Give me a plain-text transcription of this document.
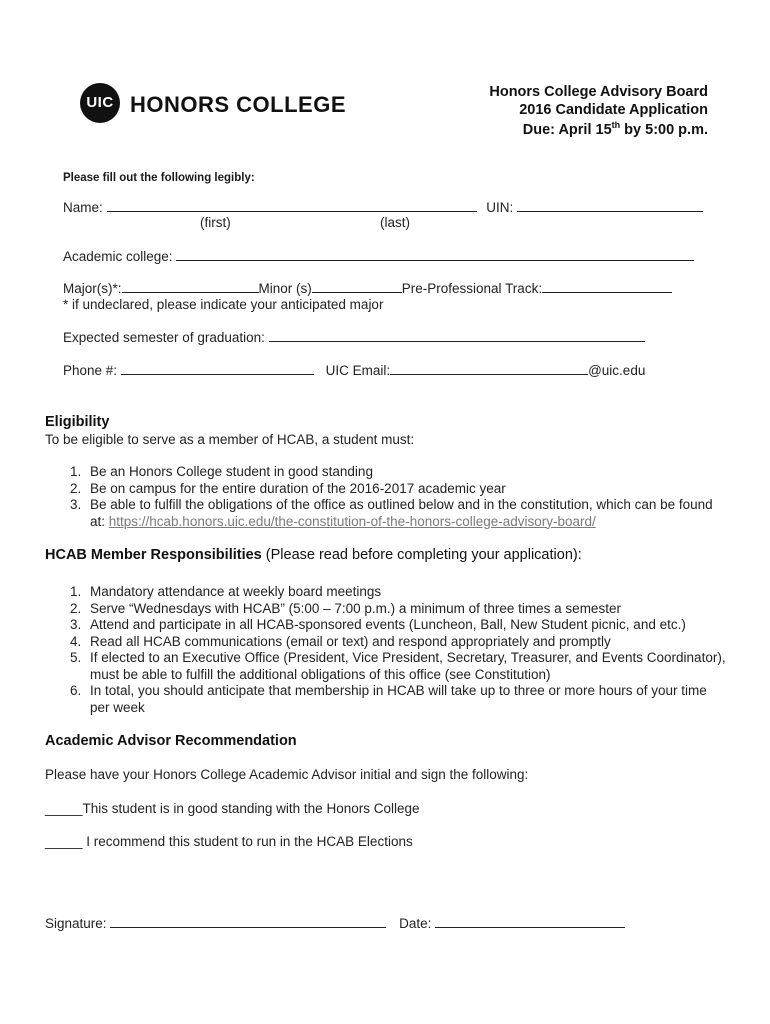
UIC HONORS COLLEGE	Honors College Advisory Board
2016 Candidate Application
Due: April 15th by 5:00 p.m.
Please fill out the following legibly:
Name:	UIN:
(first)	(last)
Academic college:
Major(s)*:	Minor (s)	Pre-Professional Track:
* if undeclared, please indicate your anticipated major
Expected semester of graduation:
Phone #:	UIC Email:	@uic.edu
Eligibility
To be eligible to serve as a member of HCAB, a student must:
1. Be an Honors College student in good standing
2. Be on campus for the entire duration of the 2016-2017 academic year
3. Be able to fulfill the obligations of the office as outlined below and in the constitution, which can be found at: https://hcab.honors.uic.edu/the-constitution-of-the-honors-college-advisory-board/
HCAB Member Responsibilities (Please read before completing your application):
1. Mandatory attendance at weekly board meetings
2. Serve “Wednesdays with HCAB” (5:00 – 7:00 p.m.) a minimum of three times a semester
3. Attend and participate in all HCAB-sponsored events (Luncheon, Ball, New Student picnic, and etc.)
4. Read all HCAB communications (email or text) and respond appropriately and promptly
5. If elected to an Executive Office (President, Vice President, Secretary, Treasurer, and Events Coordinator), must be able to fulfill the additional obligations of this office (see Constitution)
6. In total, you should anticipate that membership in HCAB will take up to three or more hours of your time per week
Academic Advisor Recommendation
Please have your Honors College Academic Advisor initial and sign the following:
_____This student is in good standing with the Honors College
_____ I recommend this student to run in the HCAB Elections
Signature:	Date:
